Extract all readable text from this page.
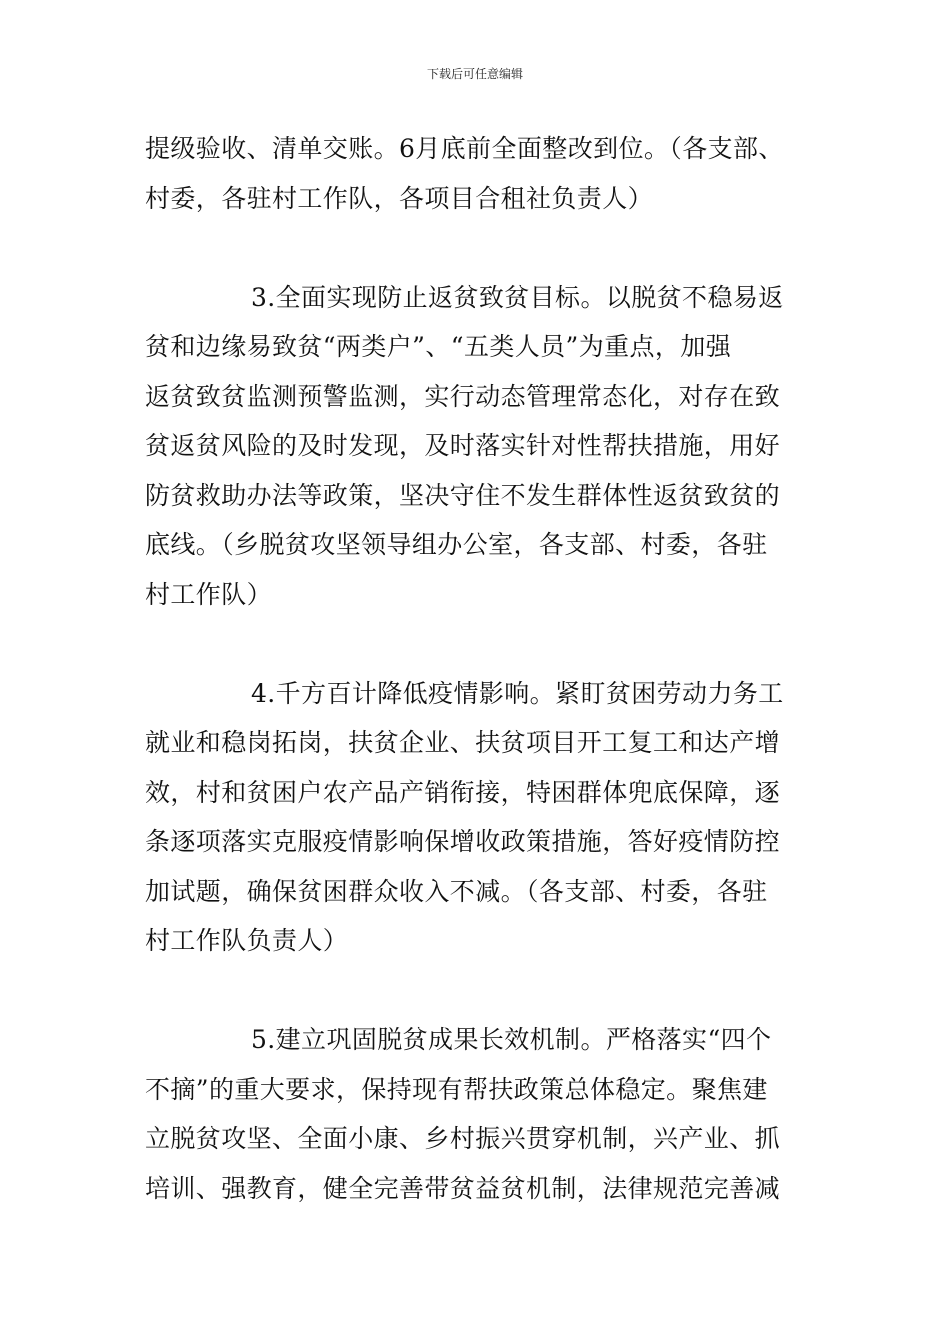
下载后可任意编辑
提级验收、清单交账。6月底前全面整改到位。（各支部、
村委，各驻村工作队，各项目合租社负责人）
3.全面实现防止返贫致贫目标。以脱贫不稳易返
贫和边缘易致贫“两类户”、“五类人员”为重点，加强
返贫致贫监测预警监测，实行动态管理常态化，对存在致
贫返贫风险的及时发现，及时落实针对性帮扶措施，用好
防贫救助办法等政策，坚决守住不发生群体性返贫致贫的
底线。（乡脱贫攻坚领导组办公室，各支部、村委，各驻
村工作队）
4.千方百计降低疫情影响。紧盯贫困劳动力务工
就业和稳岗拓岗，扶贫企业、扶贫项目开工复工和达产增
效，村和贫困户农产品产销衔接，特困群体兜底保障，逐
条逐项落实克服疫情影响保增收政策措施，答好疫情防控
加试题，确保贫困群众收入不减。（各支部、村委，各驻
村工作队负责人）
5.建立巩固脱贫成果长效机制。严格落实“四个
不摘”的重大要求，保持现有帮扶政策总体稳定。聚焦建
立脱贫攻坚、全面小康、乡村振兴贯穿机制，兴产业、抓
培训、强教育，健全完善带贫益贫机制，法律规范完善减
